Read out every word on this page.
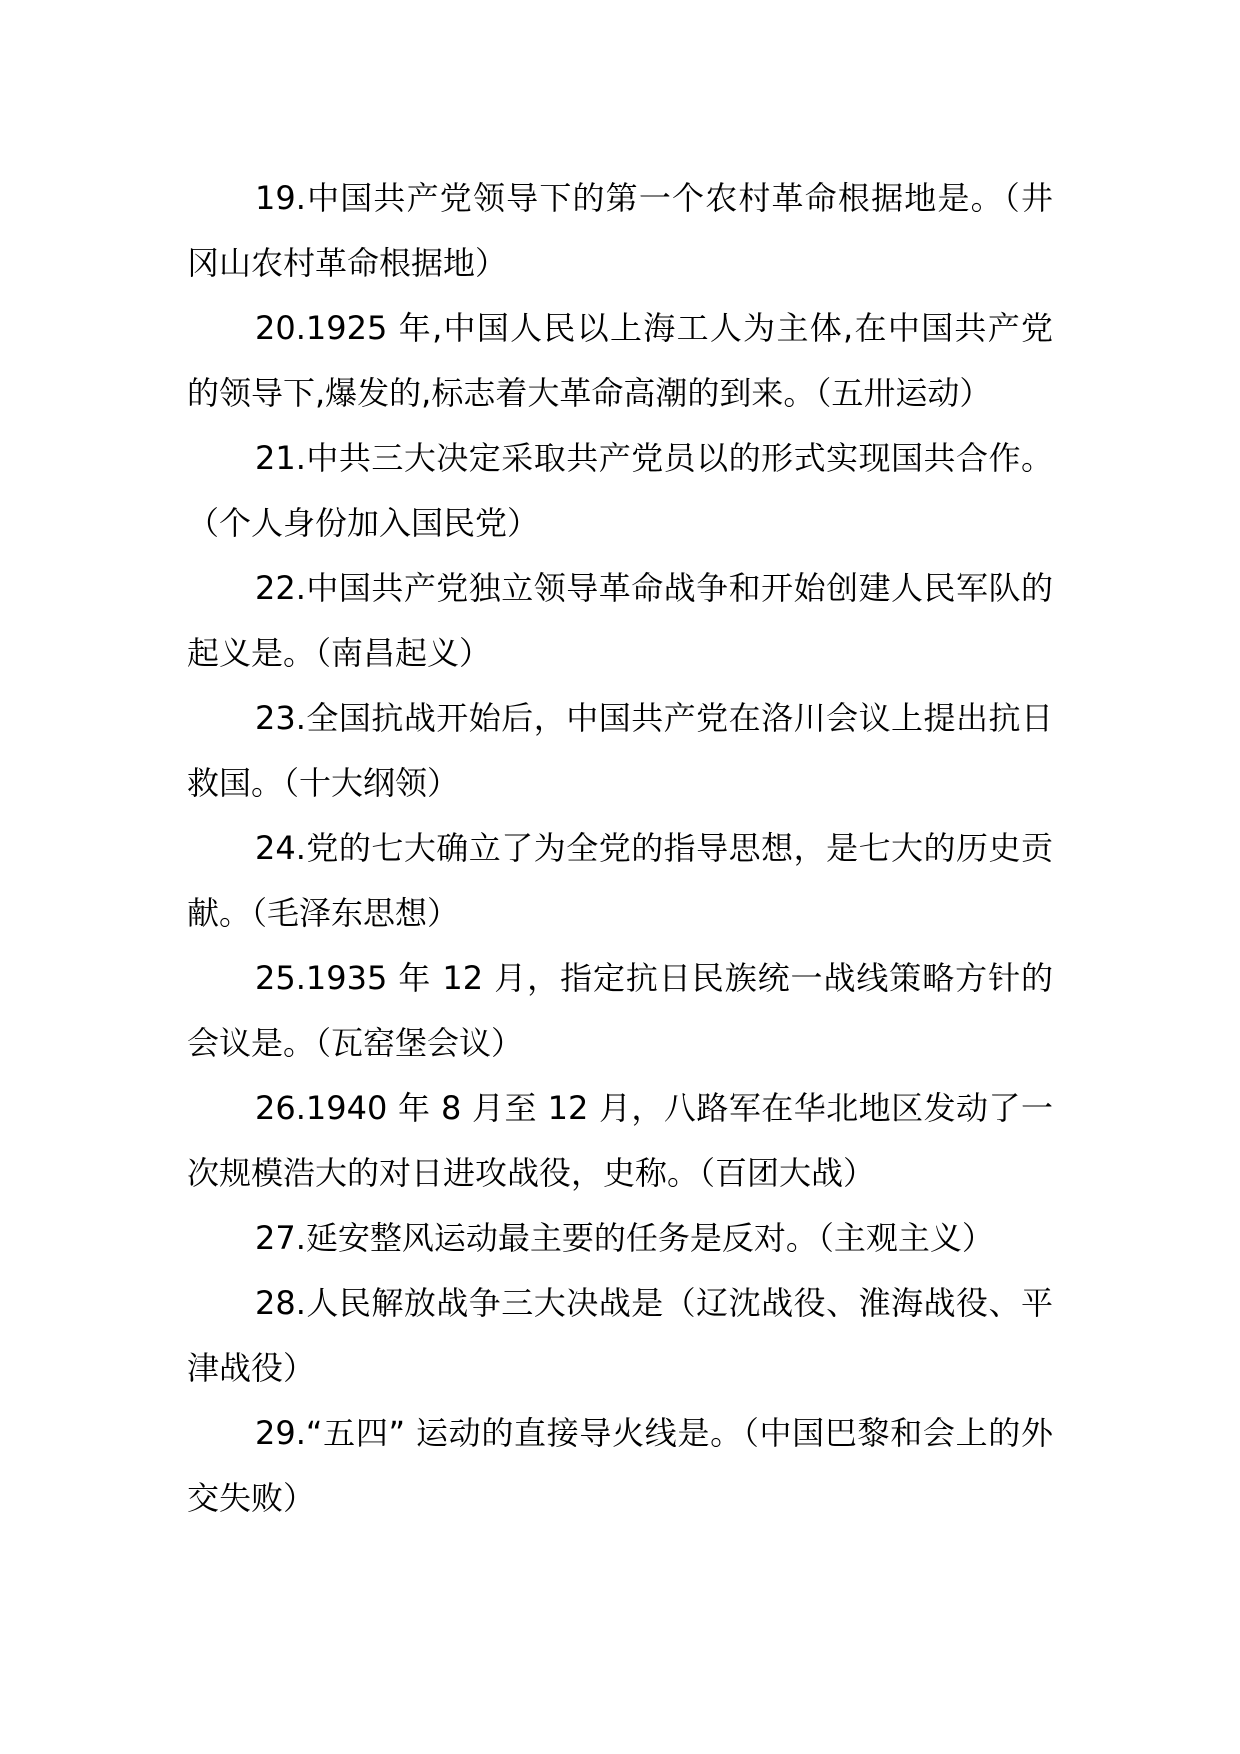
19.中国共产党领导下的第一个农村革命根据地是。（井冈山农村革命根据地）

20.1925 年,中国人民以上海工人为主体,在中国共产党的领导下,爆发的,标志着大革命高潮的到来。（五卅运动）

21.中共三大决定采取共产党员以的形式实现国共合作。（个人身份加入国民党）

22.中国共产党独立领导革命战争和开始创建人民军队的起义是。（南昌起义）

23.全国抗战开始后，中国共产党在洛川会议上提出抗日救国。（十大纲领）

24.党的七大确立了为全党的指导思想，是七大的历史贡献。（毛泽东思想）

25.1935 年 12 月，指定抗日民族统一战线策略方针的会议是。（瓦窑堡会议）

26.1940 年 8 月至 12 月，八路军在华北地区发动了一次规模浩大的对日进攻战役，史称。（百团大战）

27.延安整风运动最主要的任务是反对。（主观主义）

28.人民解放战争三大决战是（辽沈战役、淮海战役、平津战役）

29.“五四” 运动的直接导火线是。（中国巴黎和会上的外交失败）
